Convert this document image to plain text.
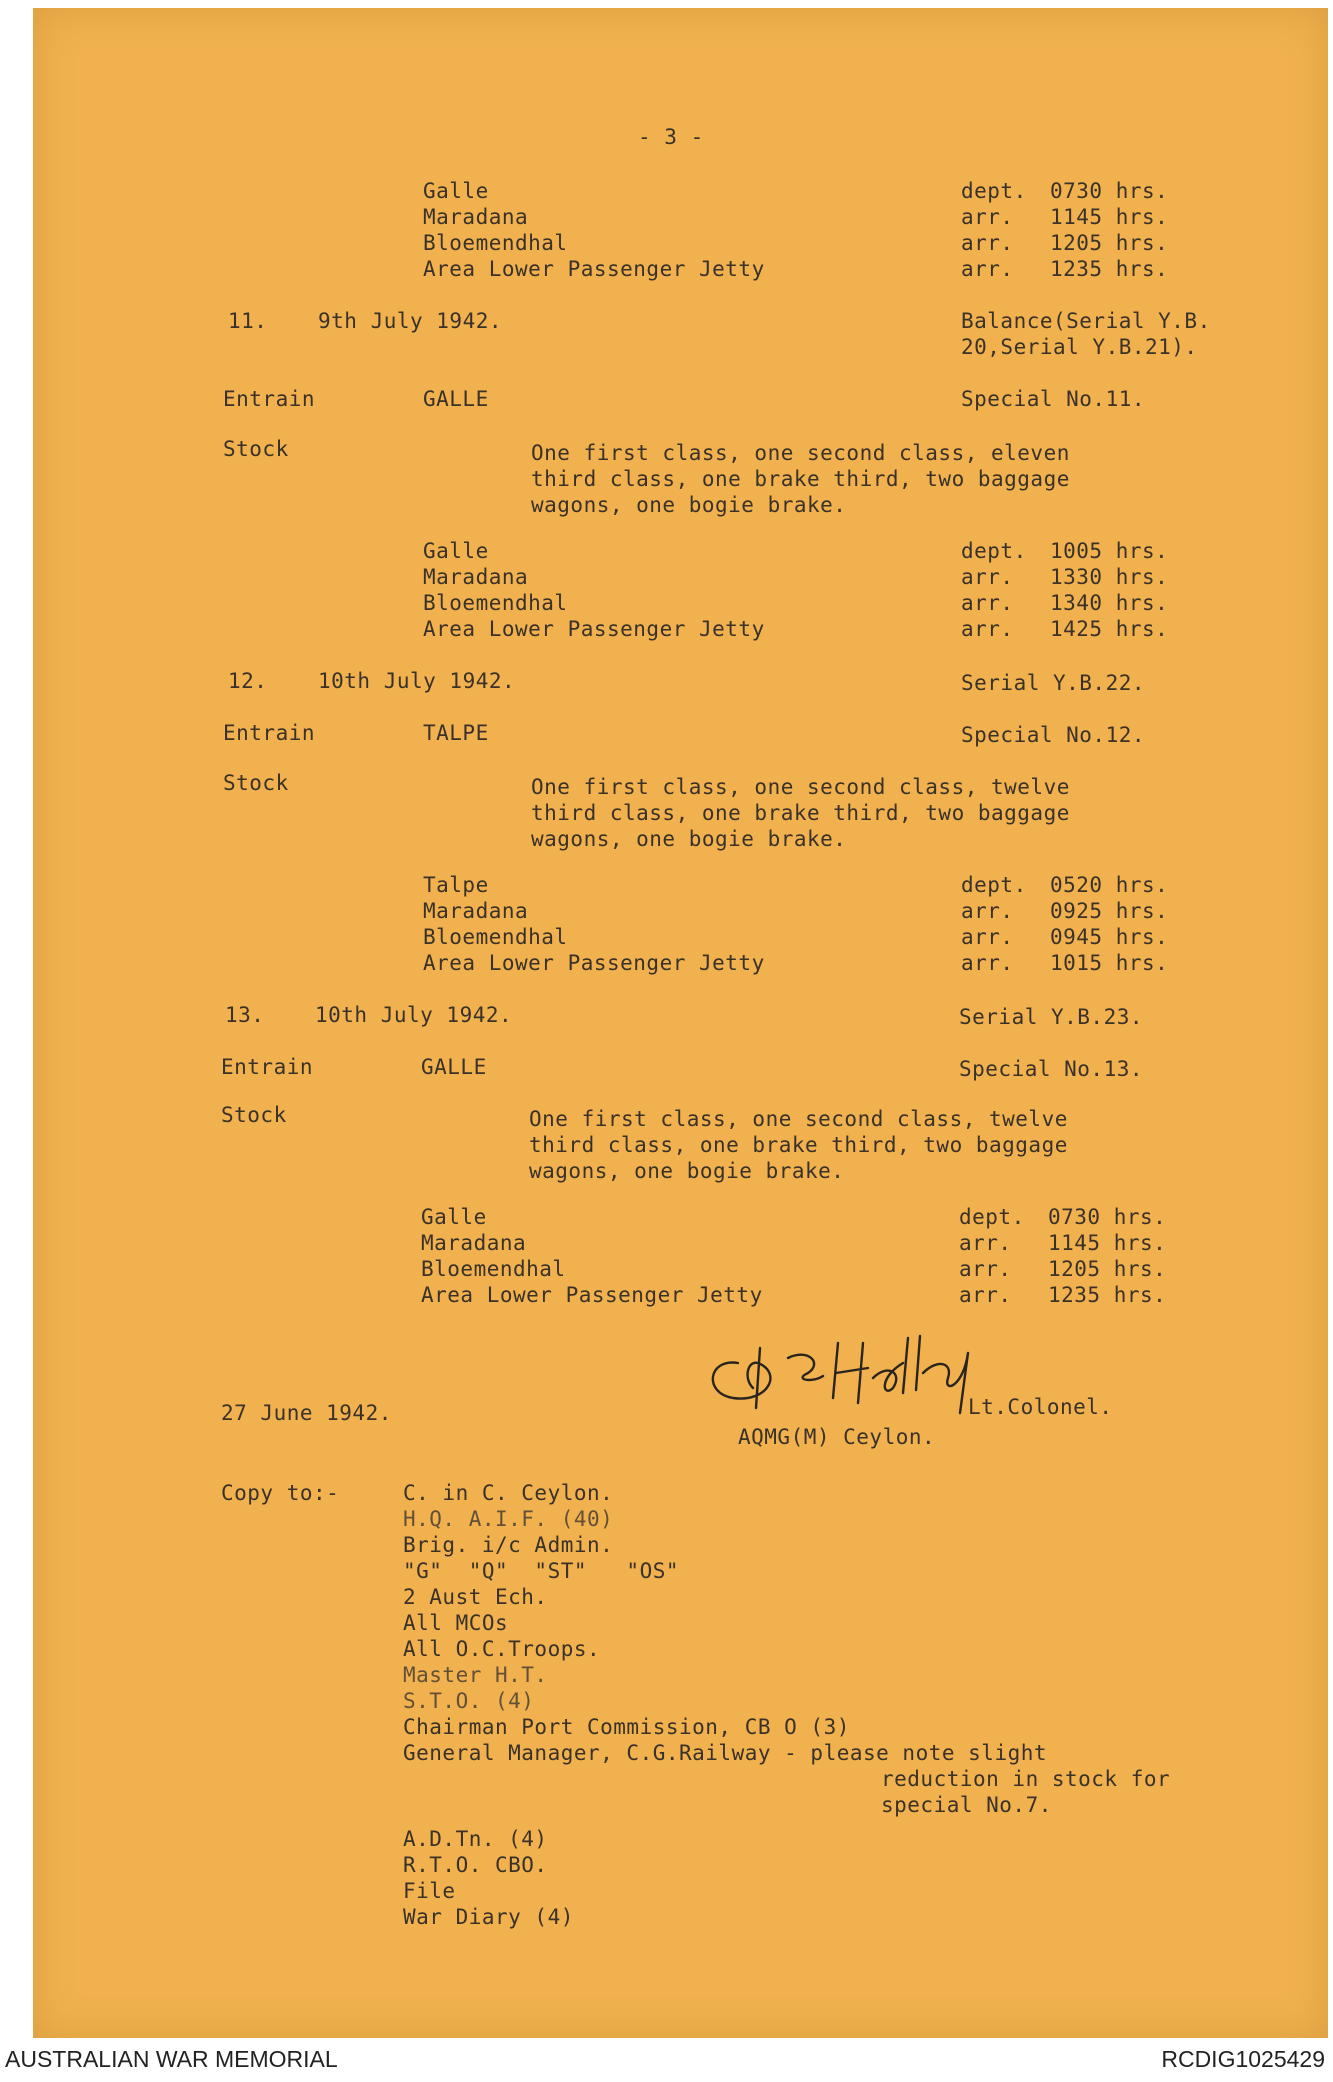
- 3 -
Galle	dept. 0730 hrs.
Maradana	arr. 1145 hrs.
Bloemendhal	arr. 1205 hrs.
Area Lower Passenger Jetty	arr. 1235 hrs.
11. 9th July 1942.	Balance(Serial Y.B.
20,Serial Y.B.21).
Entrain	GALLE	Special No.11.
Stock	One first class, one second class, eleven
third class, one brake third, two baggage
wagons, one bogie brake.
Galle	dept. 1005 hrs.
Maradana	arr. 1330 hrs.
Bloemendhal	arr. 1340 hrs.
Area Lower Passenger Jetty	arr. 1425 hrs.
12. 10th July 1942.	Serial Y.B.22.
Entrain	TALPE	Special No.12.
Stock	One first class, one second class, twelve
third class, one brake third, two baggage
wagons, one bogie brake.
Talpe	dept. 0520 hrs.
Maradana	arr. 0925 hrs.
Bloemendhal	arr. 0945 hrs.
Area Lower Passenger Jetty	arr. 1015 hrs.
13. 10th July 1942.	Serial Y.B.23.
Entrain	GALLE	Special No.13.
Stock	One first class, one second class, twelve
third class, one brake third, two baggage
wagons, one bogie brake.
Galle	dept. 0730 hrs.
Maradana	arr. 1145 hrs.
Bloemendhal	arr. 1205 hrs.
Area Lower Passenger Jetty	arr. 1235 hrs.
27 June 1942.	Lt.Colonel.
AQMG(M) Ceylon.
Copy to:-	C. in C. Ceylon.
H.Q. A.I.F. (40)
Brig. i/c Admin.
"G"  "Q"  "ST"   "OS"
2 Aust Ech.
All MCOs
All O.C.Troops.
Master H.T.
S.T.O. (4)
Chairman Port Commission, CB O (3)
General Manager, C.G.Railway - please note slight
reduction in stock for
special No.7.
A.D.Tn. (4)
R.T.O. CBO.
File
War Diary (4)
AUSTRALIAN WAR MEMORIAL	RCDIG1025429
